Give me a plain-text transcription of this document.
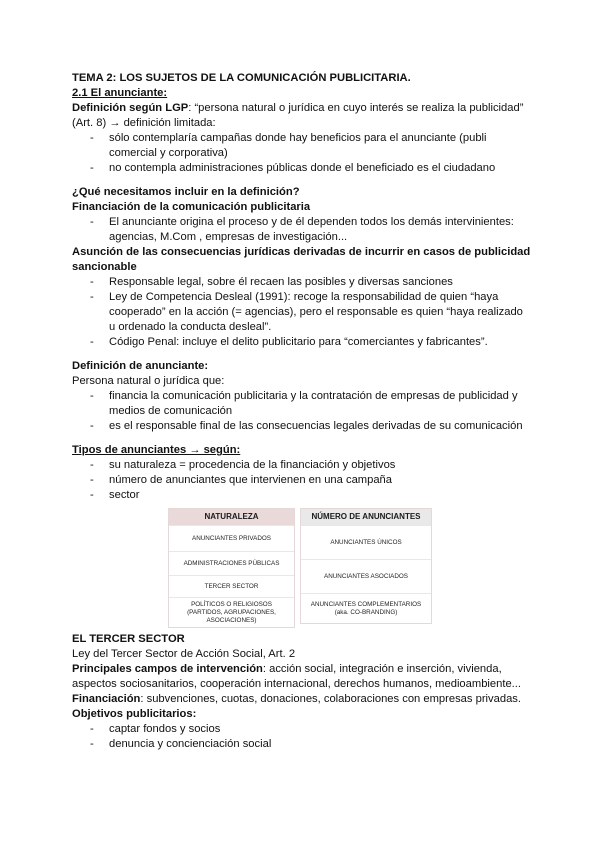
TEMA 2: LOS SUJETOS DE LA COMUNICACIÓN PUBLICITARIA.

2.1 El anunciante:

Definición según LGP: “persona natural o jurídica en cuyo interés se realiza la publicidad”

(Art. 8) → definición limitada:

- sólo contemplaría campañas donde hay beneficios para el anunciante (publi comercial y corporativa)
- no contempla administraciones públicas donde el beneficiado es el ciudadano

¿Qué necesitamos incluir en la definición?

Financiación de la comunicación publicitaria

- El anunciante origina el proceso y de él dependen todos los demás intervinientes: agencias, M.Com , empresas de investigación...

Asunción de las consecuencias jurídicas derivadas de incurrir en casos de publicidad sancionable

- Responsable legal, sobre él recaen las posibles y diversas sanciones
- Ley de Competencia Desleal (1991): recoge la responsabilidad de quien “haya cooperado” en la acción (= agencias), pero el responsable es quien “haya realizado u ordenado la conducta desleal”.
- Código Penal: incluye el delito publicitario para “comerciantes y fabricantes”.

Definición de anunciante:

Persona natural o jurídica que:

- financia la comunicación publicitaria y la contratación de empresas de publicidad y medios de comunicación
- es el responsable final de las consecuencias legales derivadas de su comunicación

Tipos de anunciantes → según:

- su naturaleza = procedencia de la financiación y objetivos
- número de anunciantes que intervienen en una campaña
- sector
NATURALEZA
ANUNCIANTES PRIVADOS
ADMINISTRACIONES PÚBLICAS
TERCER SECTOR
POLÍTICOS O RELIGIOSOS (PARTIDOS, AGRUPACIONES, ASOCIACIONES)
NÚMERO DE ANUNCIANTES
ANUNCIANTES ÚNICOS
ANUNCIANTES ASOCIADOS
ANUNCIANTES COMPLEMENTARIOS (aka. CO-BRANDING)

EL TERCER SECTOR

Ley del Tercer Sector de Acción Social, Art. 2

Principales campos de intervención: acción social, integración e inserción, vivienda, aspectos sociosanitarios, cooperación internacional, derechos humanos, medioambiente...

Financiación: subvenciones, cuotas, donaciones, colaboraciones con empresas privadas.

Objetivos publicitarios:

- captar fondos y socios
- denuncia y concienciación social
